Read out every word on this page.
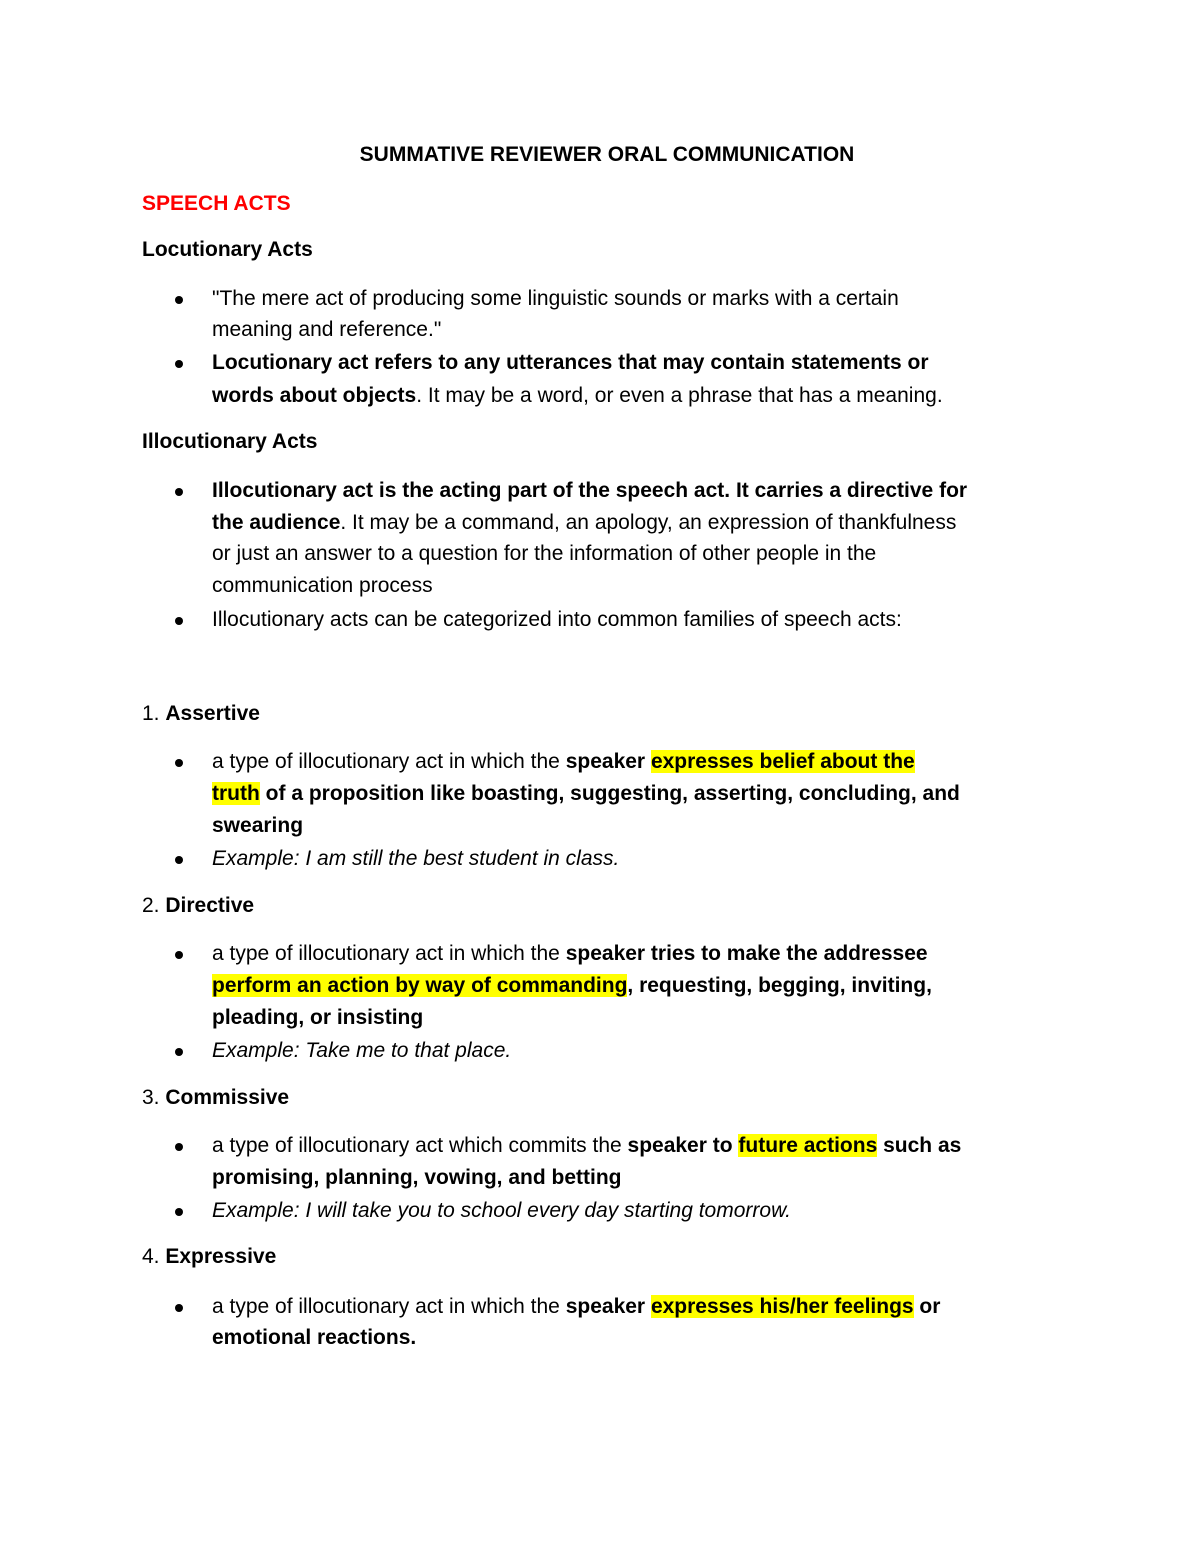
SUMMATIVE REVIEWER ORAL COMMUNICATION
SPEECH ACTS
Locutionary Acts
"The mere act of producing some linguistic sounds or marks with a certain
meaning and reference."
Locutionary act refers to any utterances that may contain statements or
words about objects. It may be a word, or even a phrase that has a meaning.
Illocutionary Acts
Illocutionary act is the acting part of the speech act. It carries a directive for
the audience. It may be a command, an apology, an expression of thankfulness
or just an answer to a question for the information of other people in the
communication process
Illocutionary acts can be categorized into common families of speech acts:
1. Assertive
a type of illocutionary act in which the speaker expresses belief about the
truth of a proposition like boasting, suggesting, asserting, concluding, and
swearing
Example: I am still the best student in class.
2. Directive
a type of illocutionary act in which the speaker tries to make the addressee
perform an action by way of commanding, requesting, begging, inviting,
pleading, or insisting
Example: Take me to that place.
3. Commissive
a type of illocutionary act which commits the speaker to future actions such as
promising, planning, vowing, and betting
Example: I will take you to school every day starting tomorrow.
4. Expressive
a type of illocutionary act in which the speaker expresses his/her feelings or
emotional reactions.
